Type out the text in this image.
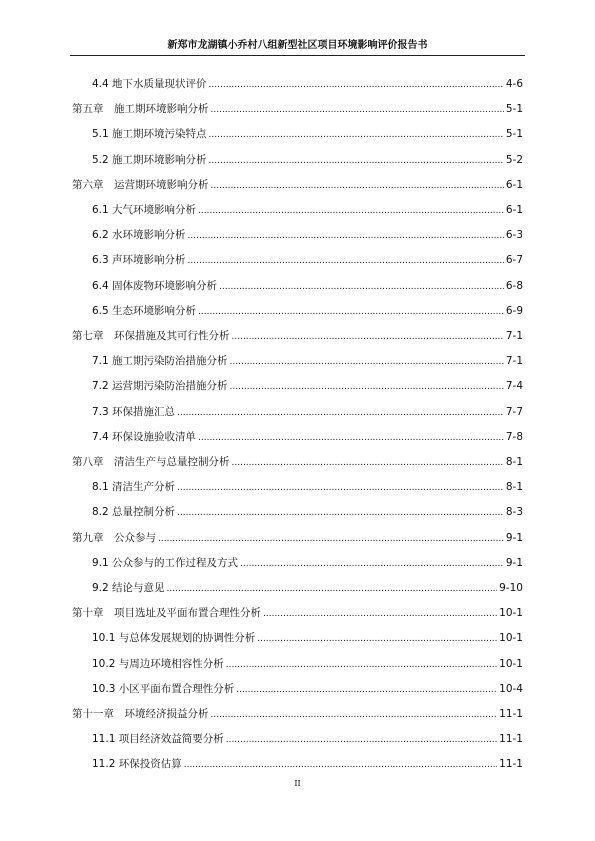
新郑市龙湖镇小乔村八组新型社区项目环境影响评价报告书
4.4 地下水质量现状评价 .....	4-6
第五章　施工期环境影响分析 .....	5-1
5.1 施工期环境污染特点 .....	5-1
5.2 施工期环境影响分析 .....	5-2
第六章　运营期环境影响分析 .....	6-1
6.1 大气环境影响分析 .....	6-1
6.2 水环境影响分析 .....	6-3
6.3 声环境影响分析 .....	6-7
6.4 固体废物环境影响分析 .....	6-8
6.5 生态环境影响分析 .....	6-9
第七章　环保措施及其可行性分析 .....	7-1
7.1 施工期污染防治措施分析 .....	7-1
7.2 运营期污染防治措施分析 .....	7-4
7.3 环保措施汇总 .....	7-7
7.4 环保设施验收清单 .....	7-8
第八章　清洁生产与总量控制分析 .....	8-1
8.1 清洁生产分析 .....	8-1
8.2 总量控制分析 .....	8-3
第九章　公众参与 .....	9-1
9.1 公众参与的工作过程及方式 .....	9-1
9.2 结论与意见 .....	9-10
第十章　项目选址及平面布置合理性分析 .....	10-1
10.1 与总体发展规划的协调性分析 .....	10-1
10.2 与周边环境相容性分析 .....	10-1
10.3 小区平面布置合理性分析 .....	10-4
第十一章　环境经济损益分析 .....	11-1
11.1 项目经济效益简要分析 .....	11-1
11.2 环保投资估算 .....	11-1
II
